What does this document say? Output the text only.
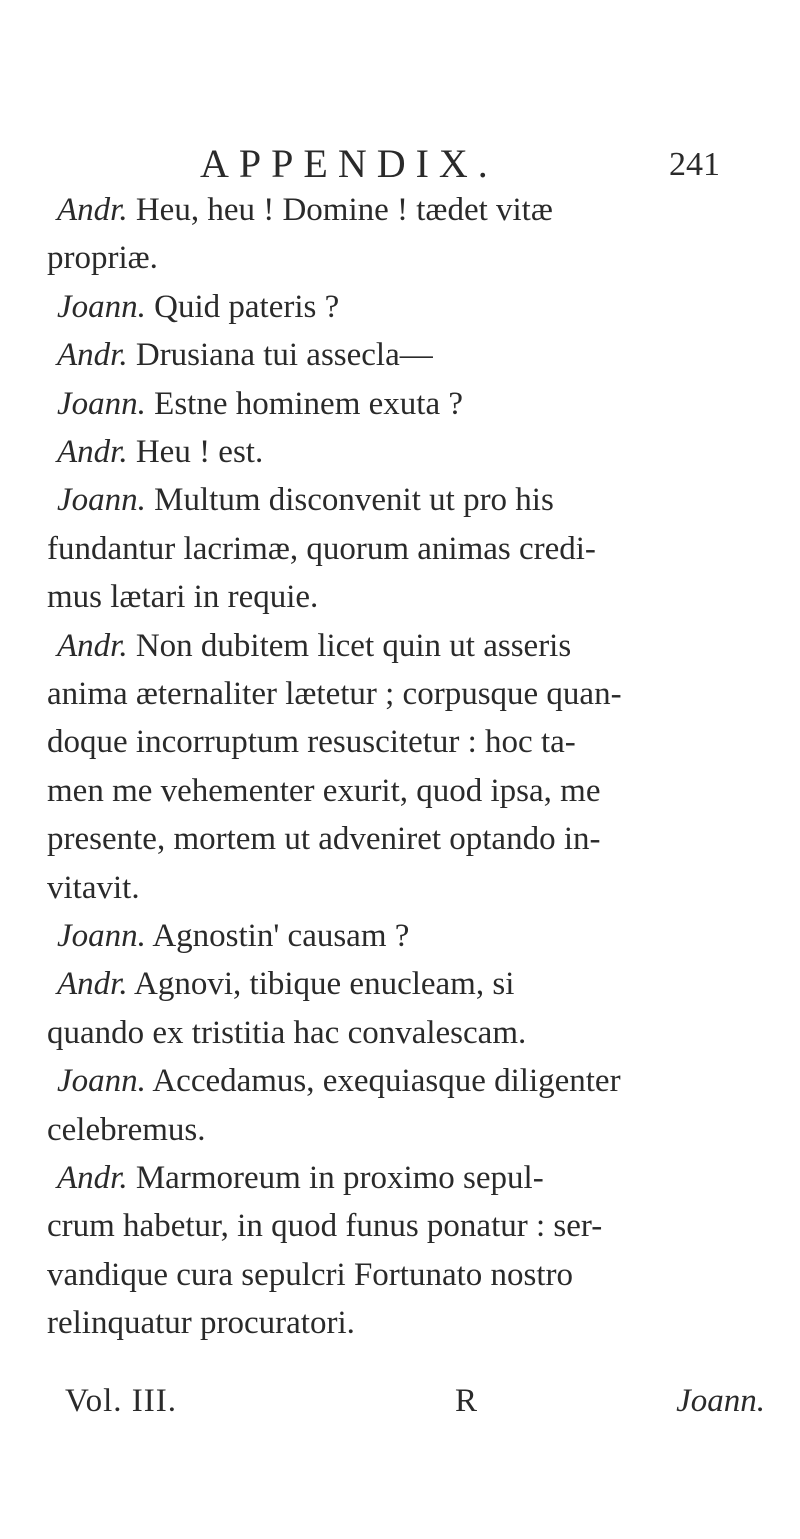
APPENDIX.	241
Andr. Heu, heu ! Domine ! tædet vitæ
propriæ.
Joann. Quid pateris ?
Andr. Drusiana tui assecla—
Joann. Estne hominem exuta ?
Andr. Heu ! est.
Joann. Multum disconvenit ut pro his
fundantur lacrimæ, quorum animas credi-
mus lætari in requie.
Andr. Non dubitem licet quin ut asseris
anima æternaliter lætetur ; corpusque quan-
doque incorruptum resuscitetur : hoc ta-
men me vehementer exurit, quod ipsa, me
presente, mortem ut adveniret optando in-
vitavit.
Joann. Agnostin' causam ?
Andr. Agnovi, tibique enucleam, si
quando ex tristitia hac convalescam.
Joann. Accedamus, exequiasque diligenter
celebremus.
Andr. Marmoreum in proximo sepul-
crum habetur, in quod funus ponatur : ser-
vandique cura sepulcri Fortunato nostro
relinquatur procuratori.
Vol. III.	R	Joann.
